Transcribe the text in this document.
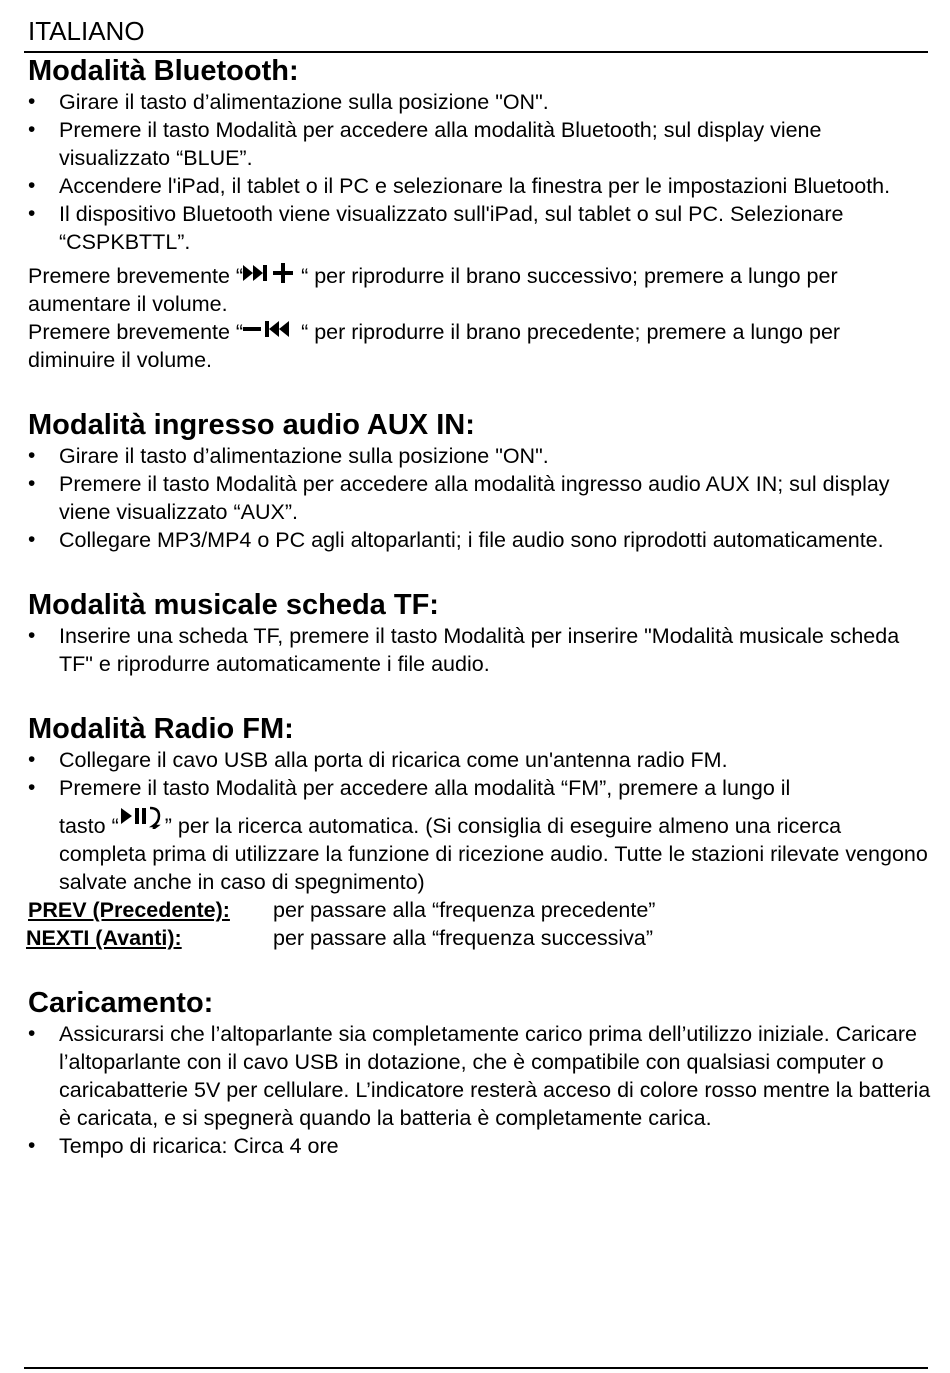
ITALIANO
Modalità Bluetooth:
• Girare il tasto d’alimentazione sulla posizione "ON".
• Premere il tasto Modalità per accedere alla modalità Bluetooth; sul display viene visualizzato “BLUE”.
• Accendere l'iPad, il tablet o il PC e selezionare la finestra per le impostazioni Bluetooth.
• Il dispositivo Bluetooth viene visualizzato sull'iPad, sul tablet o sul PC. Selezionare “CSPKBTTL”.

Premere brevemente “
“ per riprodurre il brano successivo; premere a lungo per aumentare il volume.

Premere brevemente “
“ per riprodurre il brano precedente; premere a lungo per diminuire il volume.

Modalità ingresso audio AUX IN:
• Girare il tasto d’alimentazione sulla posizione "ON".
• Premere il tasto Modalità per accedere alla modalità ingresso audio AUX IN; sul display viene visualizzato “AUX”.
• Collegare MP3/MP4 o PC agli altoparlanti; i file audio sono riprodotti automaticamente.
Modalità musicale scheda TF:
• Inserire una scheda TF, premere il tasto Modalità per inserire "Modalità musicale scheda TF" e riprodurre automaticamente i file audio.
Modalità Radio FM:
• Collegare il cavo USB alla porta di ricarica come un'antenna radio FM.
• Premere il tasto Modalità per accedere alla modalità “FM”, premere a lungo il
tasto “ ” per la ricerca automatica. (Si consiglia di eseguire almeno una ricerca completa prima di utilizzare la funzione di ricezione audio. Tutte le stazioni rilevate vengono salvate anche in caso di spegnimento)
PREV (Precedente):	per passare alla “frequenza precedente”
NEXTI (Avanti):	per passare alla “frequenza successiva”
Caricamento:
• Assicurarsi che l’altoparlante sia completamente carico prima dell’utilizzo iniziale. Caricare l’altoparlante con il cavo USB in dotazione, che è compatibile con qualsiasi computer o caricabatterie 5V per cellulare. L’indicatore resterà acceso di colore rosso mentre la batteria è caricata, e si spegnerà quando la batteria è completamente carica.
• Tempo di ricarica: Circa 4 ore
